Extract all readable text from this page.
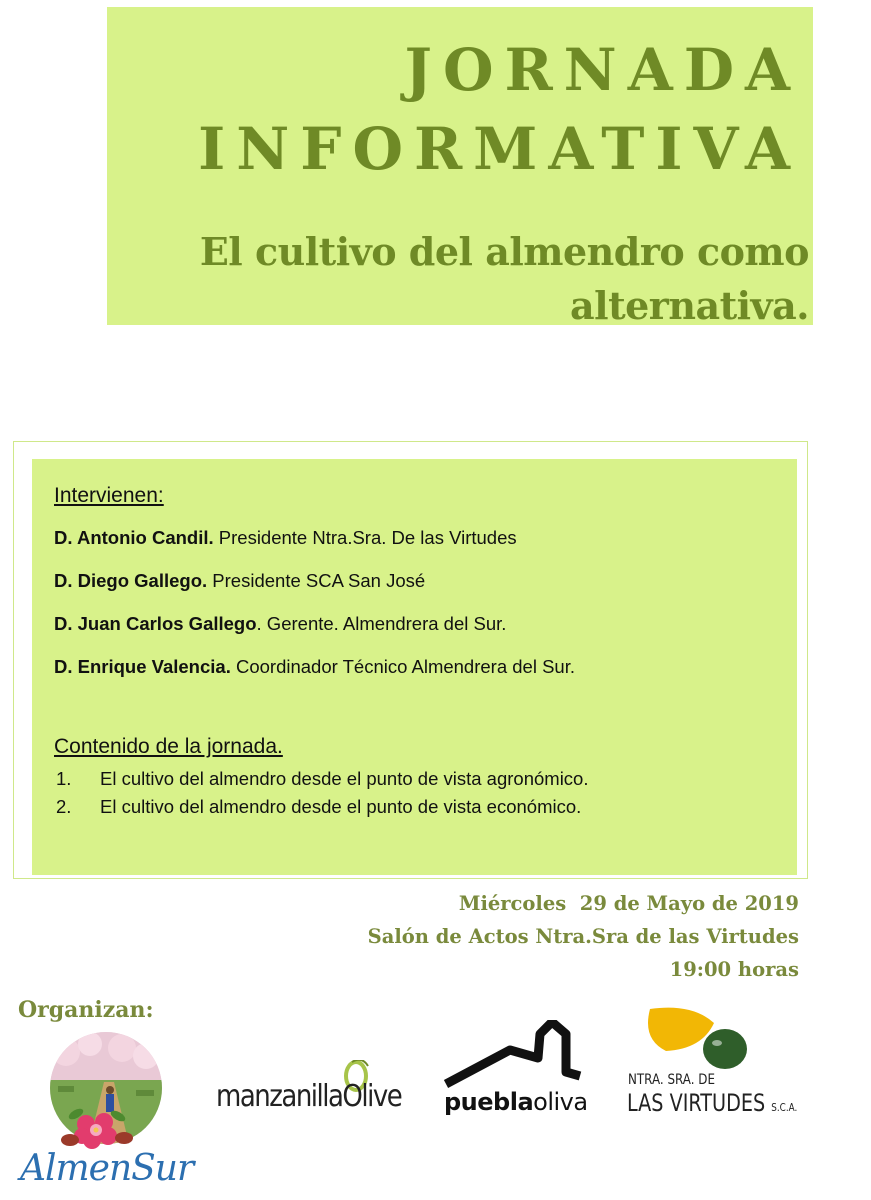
JORNADA
INFORMATIVA
El cultivo del almendro como
alternativa.
Intervienen:
D. Antonio Candil. Presidente Ntra.Sra. De las Virtudes
D. Diego Gallego. Presidente SCA San José
D. Juan Carlos Gallego. Gerente. Almendrera del Sur.
D. Enrique Valencia. Coordinador Técnico Almendrera del Sur.
Contenido de la jornada.
1. El cultivo del almendro desde el punto de vista agronómico.
2. El cultivo del almendro desde el punto de vista económico.
Miércoles  29 de Mayo de 2019
Salón de Actos Ntra.Sra de las Virtudes
19:00 horas
Organizan:
AlmenSur
manzanillaOlive pueblaoliva
NTRA. SRA. DE
LAS VIRTUDES S.C.A.
